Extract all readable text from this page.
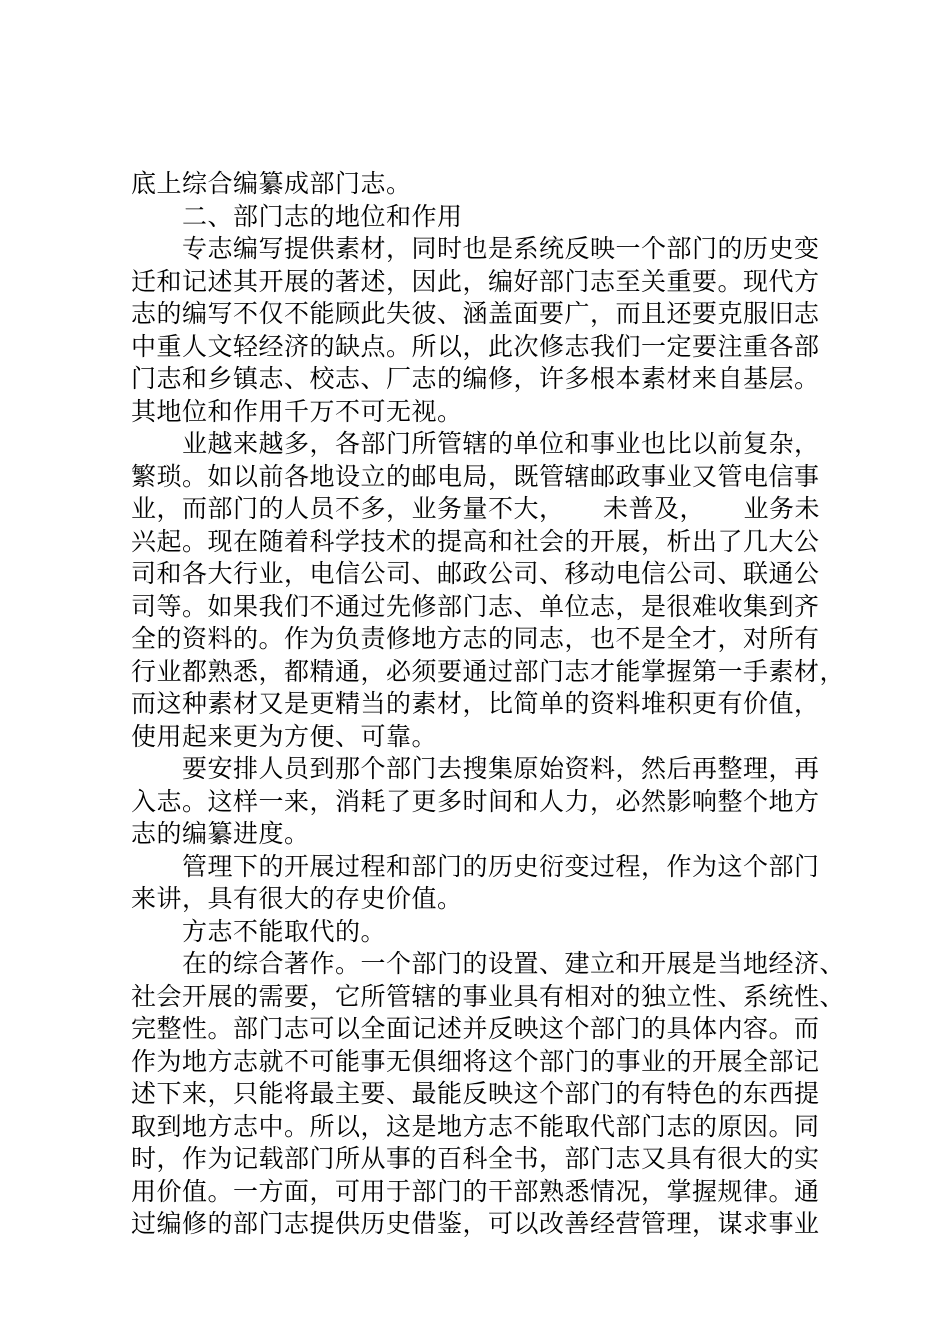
底上综合编纂成部门志。
　　二、部门志的地位和作用
　　专志编写提供素材，同时也是系统反映一个部门的历史变
迁和记述其开展的著述，因此，编好部门志至关重要。现代方
志的编写不仅不能顾此失彼、涵盖面要广，而且还要克服旧志
中重人文轻经济的缺点。所以，此次修志我们一定要注重各部
门志和乡镇志、校志、厂志的编修，许多根本素材来自基层。
其地位和作用千万不可无视。
　　业越来越多，各部门所管辖的单位和事业也比以前复杂，
繁琐。如以前各地设立的邮电局，既管辖邮政事业又管电信事
业，而部门的人员不多，业务量不大，　　未普及，　　业务未
兴起。现在随着科学技术的提高和社会的开展，析出了几大公
司和各大行业，电信公司、邮政公司、移动电信公司、联通公
司等。如果我们不通过先修部门志、单位志，是很难收集到齐
全的资料的。作为负责修地方志的同志，也不是全才，对所有
行业都熟悉，都精通，必须要通过部门志才能掌握第一手素材，
而这种素材又是更精当的素材，比简单的资料堆积更有价值，
使用起来更为方便、可靠。
　　要安排人员到那个部门去搜集原始资料，然后再整理，再
入志。这样一来，消耗了更多时间和人力，必然影响整个地方
志的编纂进度。
　　管理下的开展过程和部门的历史衍变过程，作为这个部门
来讲，具有很大的存史价值。
　　方志不能取代的。
　　在的综合著作。一个部门的设置、建立和开展是当地经济、
社会开展的需要，它所管辖的事业具有相对的独立性、系统性、
完整性。部门志可以全面记述并反映这个部门的具体内容。而
作为地方志就不可能事无俱细将这个部门的事业的开展全部记
述下来，只能将最主要、最能反映这个部门的有特色的东西提
取到地方志中。所以，这是地方志不能取代部门志的原因。同
时，作为记载部门所从事的百科全书，部门志又具有很大的实
用价值。一方面，可用于部门的干部熟悉情况，掌握规律。通
过编修的部门志提供历史借鉴，可以改善经营管理，谋求事业
